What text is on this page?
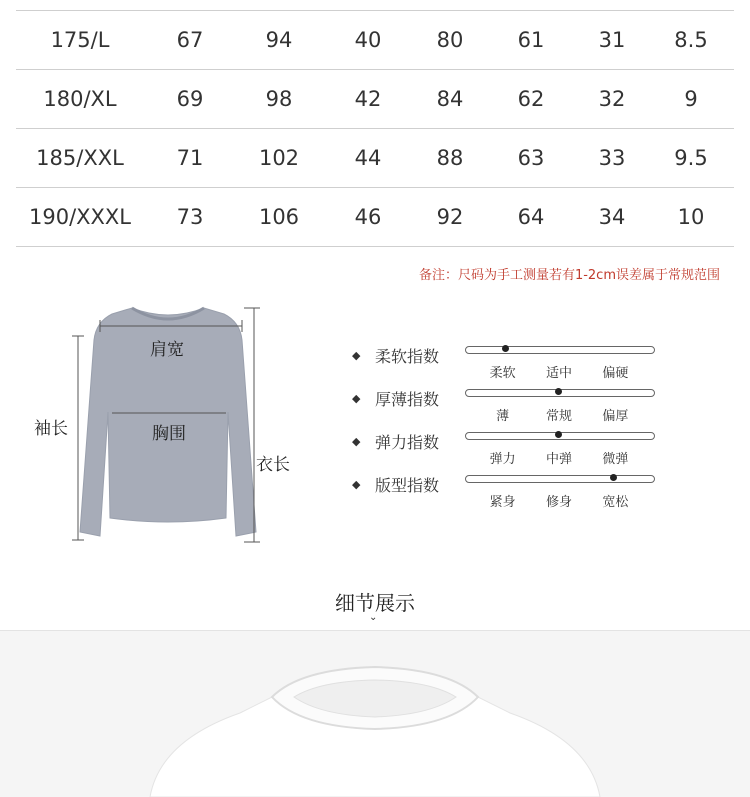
175/L	67	94	40	80	61	31	8.5
180/XL	69	98	42	84	62	32	9
185/XXL	71	102	44	88	63	33	9.5
190/XXXL	73	106	46	92	64	34	10
备注：尺码为手工测量若有1-2cm误差属于常规范围
肩宽
胸围
袖长
衣长
◆ 柔软指数
柔软	适中	偏硬
◆ 厚薄指数
薄	常规	偏厚
◆ 弹力指数
弹力	中弹	微弹
◆ 版型指数
紧身	修身	宽松
细节展示
⌄
